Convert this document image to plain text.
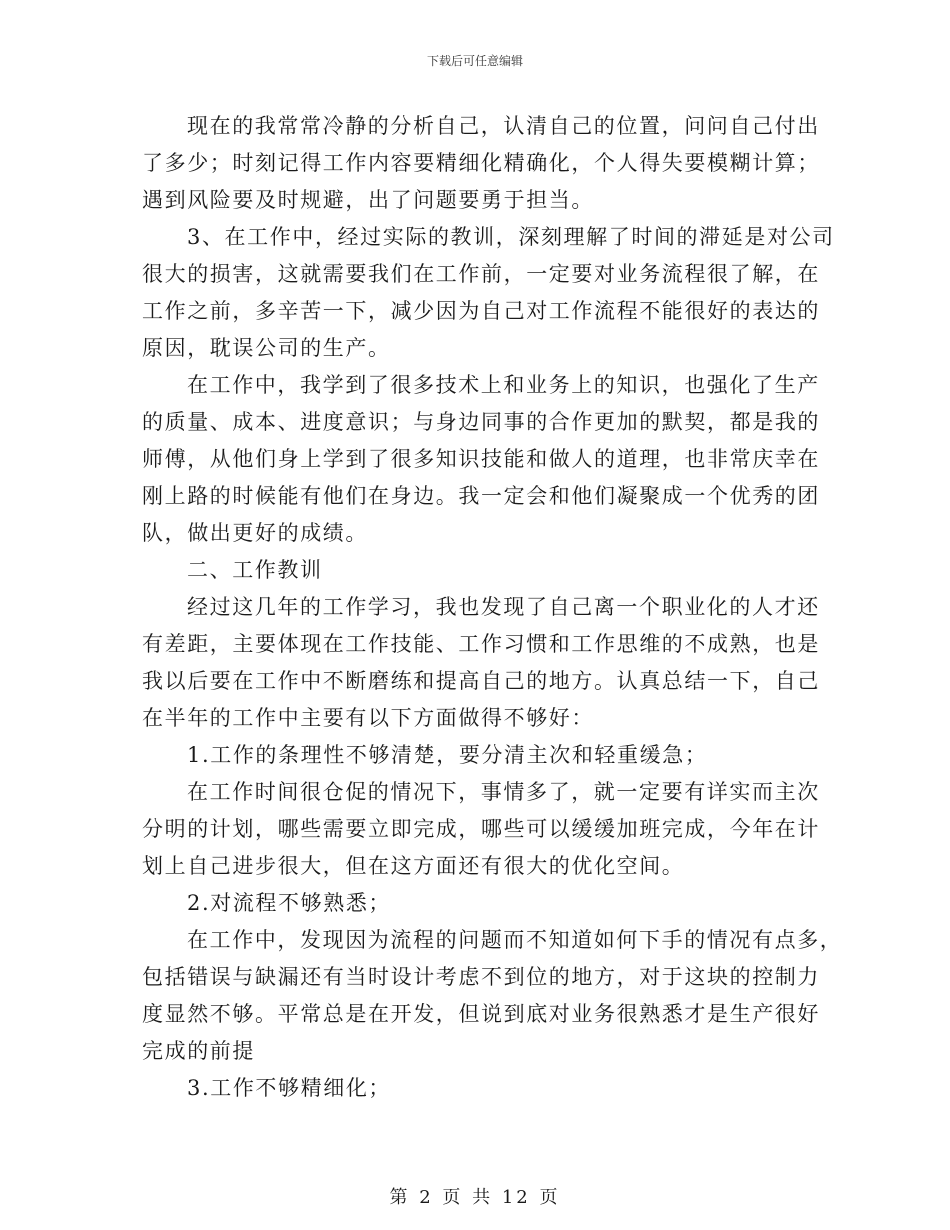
下载后可任意编辑
现在的我常常冷静的分析自己，认清自己的位置，问问自己付出
了多少；时刻记得工作内容要精细化精确化，个人得失要模糊计算；
遇到风险要及时规避，出了问题要勇于担当。
3、在工作中，经过实际的教训，深刻理解了时间的滞延是对公司
很大的损害，这就需要我们在工作前，一定要对业务流程很了解，在
工作之前，多辛苦一下，减少因为自己对工作流程不能很好的表达的
原因，耽误公司的生产。
在工作中，我学到了很多技术上和业务上的知识，也强化了生产
的质量、成本、进度意识；与身边同事的合作更加的默契，都是我的
师傅，从他们身上学到了很多知识技能和做人的道理，也非常庆幸在
刚上路的时候能有他们在身边。我一定会和他们凝聚成一个优秀的团
队，做出更好的成绩。
二、工作教训
经过这几年的工作学习，我也发现了自己离一个职业化的人才还
有差距，主要体现在工作技能、工作习惯和工作思维的不成熟，也是
我以后要在工作中不断磨练和提高自己的地方。认真总结一下，自己
在半年的工作中主要有以下方面做得不够好：
1.工作的条理性不够清楚，要分清主次和轻重缓急；
在工作时间很仓促的情况下，事情多了，就一定要有详实而主次
分明的计划，哪些需要立即完成，哪些可以缓缓加班完成，今年在计
划上自己进步很大，但在这方面还有很大的优化空间。
2.对流程不够熟悉；
在工作中，发现因为流程的问题而不知道如何下手的情况有点多，
包括错误与缺漏还有当时设计考虑不到位的地方，对于这块的控制力
度显然不够。平常总是在开发，但说到底对业务很熟悉才是生产很好
完成的前提
3.工作不够精细化；
第 2 页 共 12 页
